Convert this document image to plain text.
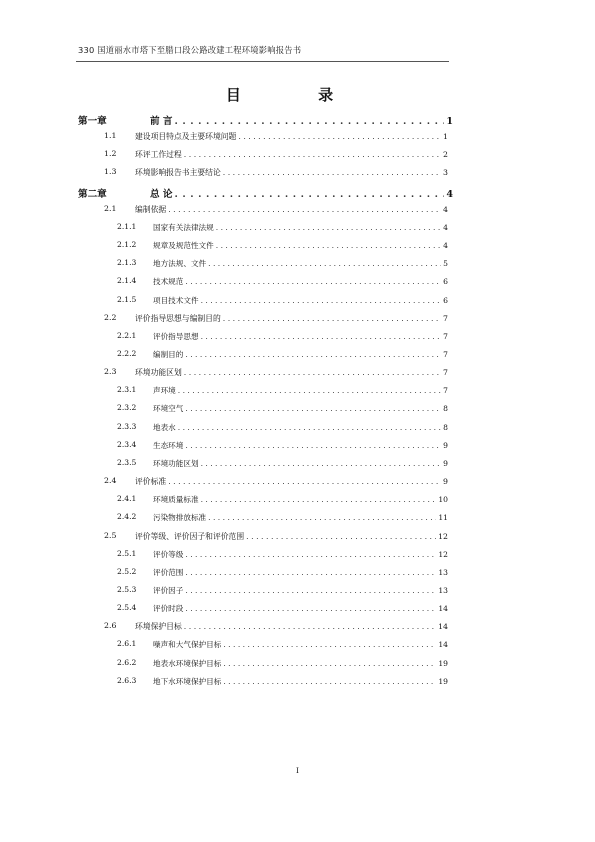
330 国道丽水市塔下至腊口段公路改建工程环境影响报告书
目 录
第一章	前 言 . . .	1
1.1 建设项目特点及主要环境问题 . . .	1
1.2 环评工作过程 . . .	2
1.3 环境影响报告书主要结论 . . .	3
第二章	总 论 . . .	4
2.1 编制依据 . . .	4
2.1.1 国家有关法律法规 . . .	4
2.1.2 规章及规范性文件 . . .	4
2.1.3 地方法规、文件 . . .	5
2.1.4 技术规范 . . .	6
2.1.5 项目技术文件 . . .	6
2.2 评价指导思想与编制目的 . . .	7
2.2.1 评价指导思想 . . .	7
2.2.2 编制目的 . . .	7
2.3 环境功能区划 . . .	7
2.3.1 声环境 . . .	7
2.3.2 环境空气 . . .	8
2.3.3 地表水 . . .	8
2.3.4 生态环境 . . .	9
2.3.5 环境功能区划 . . .	9
2.4 评价标准 . . .	9
2.4.1 环境质量标准 . . .	10
2.4.2 污染物排放标准 . . .	11
2.5 评价等级、评价因子和评价范围 . . .	12
2.5.1 评价等级 . . .	12
2.5.2 评价范围 . . .	13
2.5.3 评价因子 . . .	13
2.5.4 评价时段 . . .	14
2.6 环境保护目标 . . .	14
2.6.1 噪声和大气保护目标 . . .	14
2.6.2 地表水环境保护目标 . . .	19
2.6.3 地下水环境保护目标 . . .	19
I
